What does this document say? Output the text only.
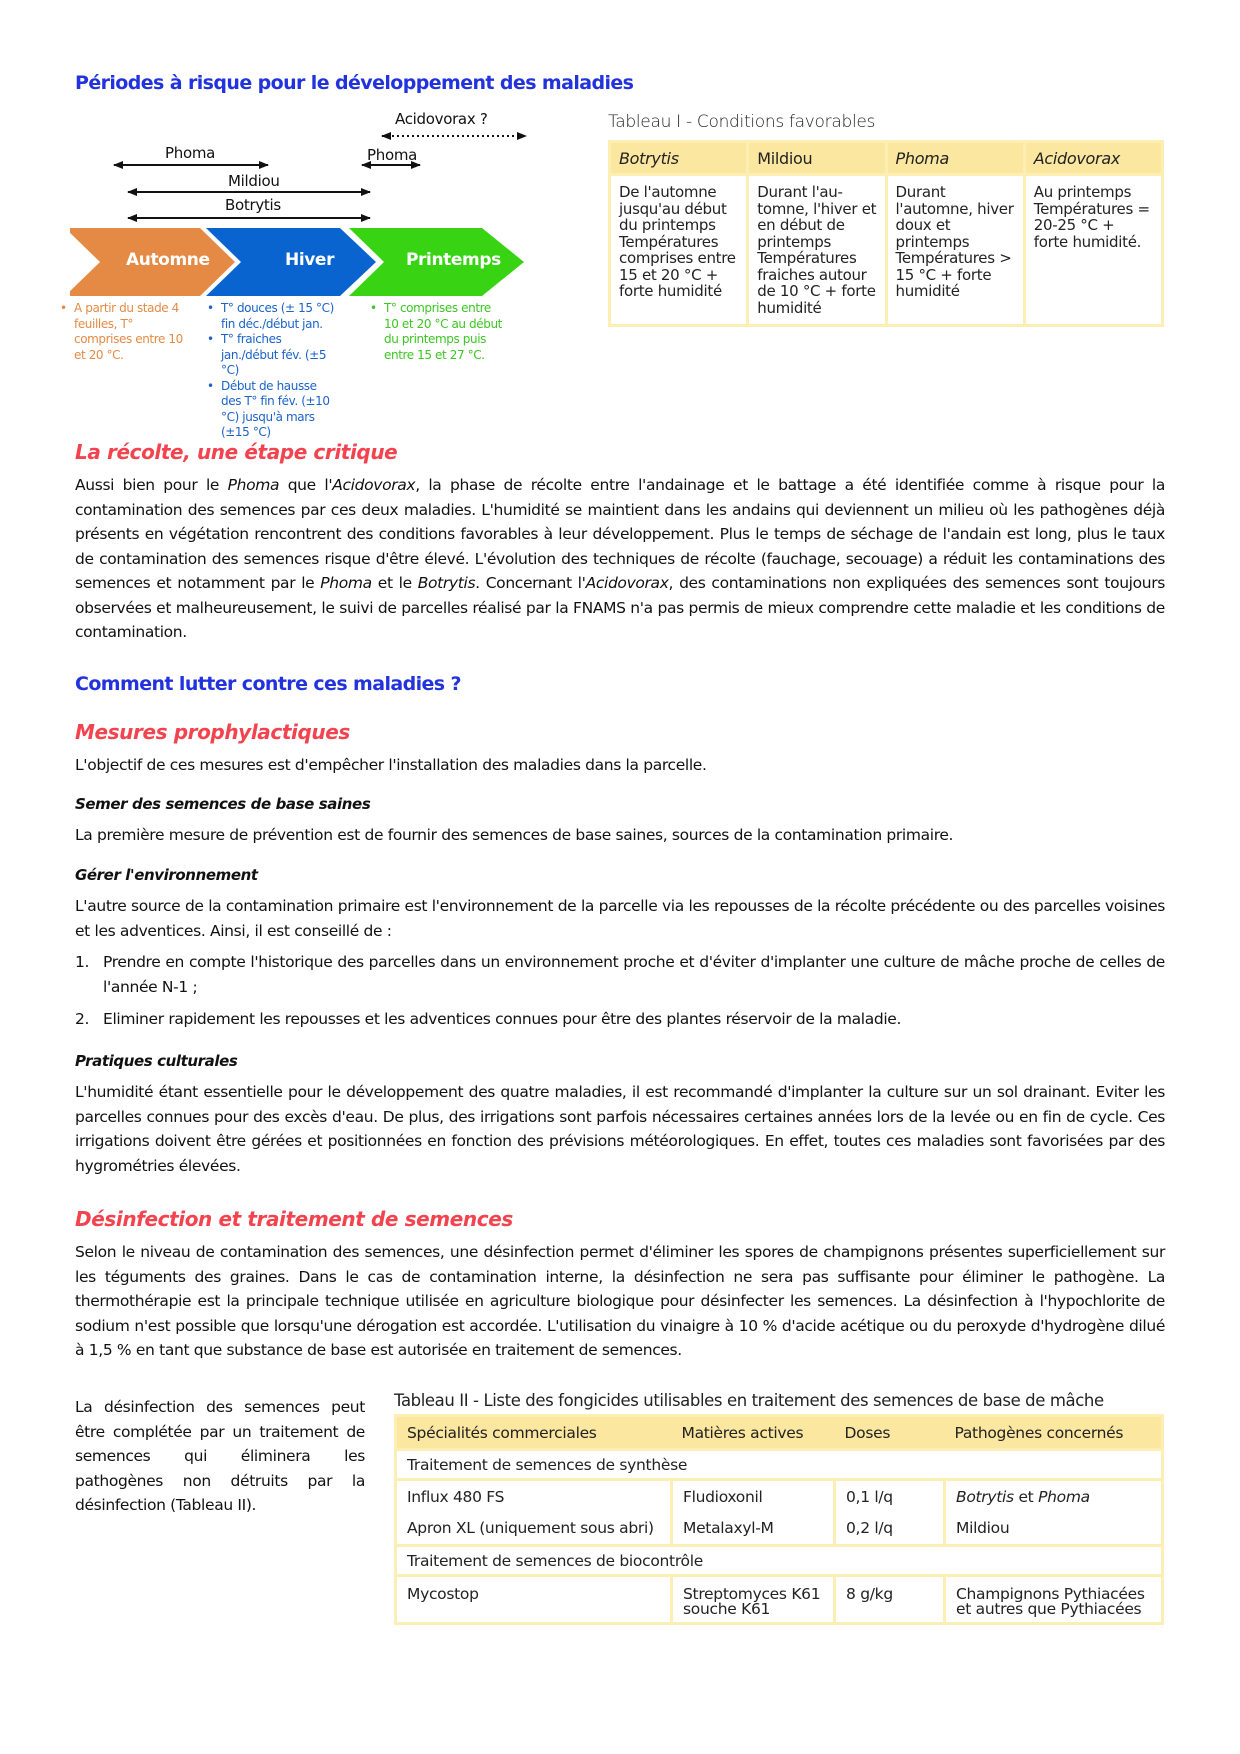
Périodes à risque pour le développement des maladies
Acidovorax ?
Phoma	Phoma
Mildiou
Botrytis
Automne	Hiver	Printemps
• A partir du stade 4 feuilles, T° comprises entre 10 et 20 °C.
• T° douces (± 15 °C) fin déc./début jan.
• T° fraiches jan./début fév. (±5 °C)
• Début de hausse des T° fin fév. (±10 °C) jusqu'à mars (±15 °C)
• T° comprises entre 10 et 20 °C au début du printemps puis entre 15 et 27 °C.
Tableau I - Conditions favorables
Botrytis	Mildiou	Phoma	Acidovorax
De l'automne jusqu'au début du printemps Températures comprises entre 15 et 20 °C + forte humidité	Durant l'au-tomne, l'hiver et en début de printemps Températures fraiches autour de 10 °C + forte humidité	Durant l'automne, hiver doux et printemps Températures > 15 °C + forte humidité	Au printemps Températures = 20-25 °C + forte humidité.
La récolte, une étape critique

Aussi bien pour le Phoma que l'Acidovorax, la phase de récolte entre l'andainage et le battage a été identifiée comme à risque pour la contamination des semences par ces deux maladies. L'humidité se maintient dans les andains qui deviennent un milieu où les pathogènes déjà présents en végétation rencontrent des conditions favorables à leur développement. Plus le temps de séchage de l'andain est long, plus le taux de contamination des semences risque d'être élevé. L'évolution des techniques de récolte (fauchage, secouage) a réduit les contaminations des semences et notamment par le Phoma et le Botrytis. Concernant l'Acidovorax, des contaminations non expliquées des semences sont toujours observées et malheureusement, le suivi de parcelles réalisé par la FNAMS n'a pas permis de mieux comprendre cette maladie et les conditions de contamination.

Comment lutter contre ces maladies ?
Mesures prophylactiques

L'objectif de ces mesures est d'empêcher l'installation des maladies dans la parcelle.

Semer des semences de base saines

La première mesure de prévention est de fournir des semences de base saines, sources de la contamination primaire.

Gérer l'environnement

L'autre source de la contamination primaire est l'environnement de la parcelle via les repousses de la récolte précédente ou des parcelles voisines et les adventices. Ainsi, il est conseillé de :

1. Prendre en compte l'historique des parcelles dans un environnement proche et d'éviter d'implanter une culture de mâche proche de celles de l'année N-1 ;
2. Eliminer rapidement les repousses et les adventices connues pour être des plantes réservoir de la maladie.
Pratiques culturales

L'humidité étant essentielle pour le développement des quatre maladies, il est recommandé d'implanter la culture sur un sol drainant. Eviter les parcelles connues pour des excès d'eau. De plus, des irrigations sont parfois nécessaires certaines années lors de la levée ou en fin de cycle. Ces irrigations doivent être gérées et positionnées en fonction des prévisions météorologiques. En effet, toutes ces maladies sont favorisées par des hygrométries élevées.

Désinfection et traitement de semences

Selon le niveau de contamination des semences, une désinfection permet d'éliminer les spores de champignons présentes superficiellement sur les téguments des graines. Dans le cas de contamination interne, la désinfection ne sera pas suffisante pour éliminer le pathogène. La thermothérapie est la principale technique utilisée en agriculture biologique pour désinfecter les semences. La désinfection à l'hypochlorite de sodium n'est possible que lorsqu'une dérogation est accordée. L'utilisation du vinaigre à 10 % d'acide acétique ou du peroxyde d'hydrogène dilué à 1,5 % en tant que substance de base est autorisée en traitement de semences.

La désinfection des semences peut être complétée par un traitement de semences qui éliminera les pathogènes non détruits par la désinfection (Tableau II).

Tableau II - Liste des fongicides utilisables en traitement des semences de base de mâche
Spécialités commerciales	Matières actives	Doses	Pathogènes concernés
Traitement de semences de synthèse			
Influx 480 FS	Fludioxonil	0,1 l/q	Botrytis et Phoma
Apron XL (uniquement sous abri)	Metalaxyl-M	0,2 l/q	Mildiou
Traitement de semences de biocontrôle			
Mycostop	Streptomyces K61 souche K61	8 g/kg	Champignons Pythiacées et autres que Pythiacées
